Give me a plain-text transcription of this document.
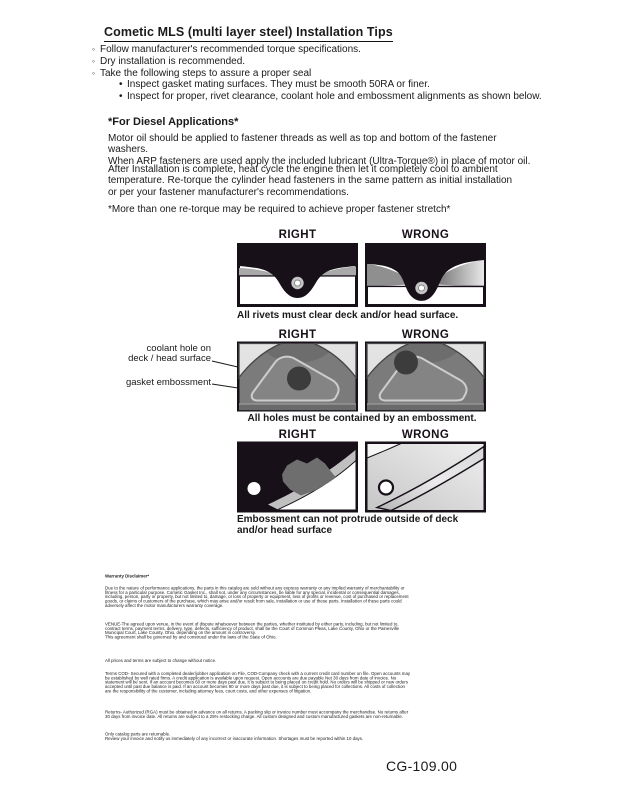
Cometic MLS (multi layer steel) Installation Tips
◦ Follow manufacturer's recommended torque specifications.
◦ Dry installation is recommended.
◦ Take the following steps to assure a proper seal
• Inspect gasket mating surfaces. They must be smooth 50RA or finer.
• Inspect for proper, rivet clearance, coolant hole and embossment alignments as shown below.
*For Diesel Applications*
Motor oil should be applied to fastener threads as well as top and bottom of the fastener washers.
When ARP fasteners are used apply the included lubricant (Ultra-Torque®) in place of motor oil.
After Installation is complete, heat cycle the engine then let it completely cool to ambient
temperature. Re-torque the cylinder head fasteners in the same pattern as initial installation
or per your fastener manufacturer's recommendations.
*More than one re-torque may be required to achieve proper fastener stretch*
RIGHT	WRONG
All rivets must clear deck and/or head surface.
RIGHT	WRONG
coolant hole on
deck / head surface
gasket embossment
All holes must be contained by an embossment.
RIGHT	WRONG
Embossment can not protrude outside of deck
and/or head surface
Warranty Disclaimer*
Due to the nature of performance applications, the parts in this catalog are sold without any express warranty or any implied warranty of merchantability or
fitness for a particular purpose. Cometic Gasket Inc., shall not, under any circumstances, be liable for any special, incidental or consequential damages,
including, person, party or property, but not limited to, damage, or loss of property or equipment, loss of profits or revenue, cost of purchased or replacement
goods, or claims of customers of the purchase, which may arise and/or result from sale, installation or use of these parts. Installation of these parts could
adversely affect the motor manufacturers warranty coverage.
VENUE-The agreed upon venue, in the event of dispute whatsoever between the parties, whether instituted by either party, including, but not limited to,
contract terms, payment terms, delivery, type, defects, sufficiency of product, shall be the Court of Common Pleas, Lake County, Ohio or the Painesville
Municipal Court, Lake County, Ohio, depending on the amount in controversy.
This agreement shall be governed by and construed under the laws of the State of Ohio.
All prices and terms are subject to change without notice.
Terms COD- Secured with a completed dealer/jobber application on File, COD-Company check with a current credit card number on file. Open accounts may
be established by well rated firms. A credit application is available upon request. Open accounts are due payable Net 30 days from date of invoice. No
statement will be sent. If an account becomes 60 or more days past due, it is subject to being placed on credit hold. No orders will be shipped or new orders
accepted until past due balance is paid. If an account becomes 90 or more days past due, it is subject to being placed for collections. All costs of collection
are the responsibility of the customer, including attorney fees, court costs, and other expenses of litigation.
Returns- Authorized (RGA) must be obtained in advance on all returns. A packing slip or invoice number must accompany the merchandise. No returns after
30 days from invoice date. All returns are subject to a 25% restocking charge. All custom designed and custom manufactured gaskets are non-returnable.
Only catalog parts are returnable.
Review your invoice and notify us immediately of any incorrect or inaccurate information. Shortages must be reported within 10 days.
CG-109.00
